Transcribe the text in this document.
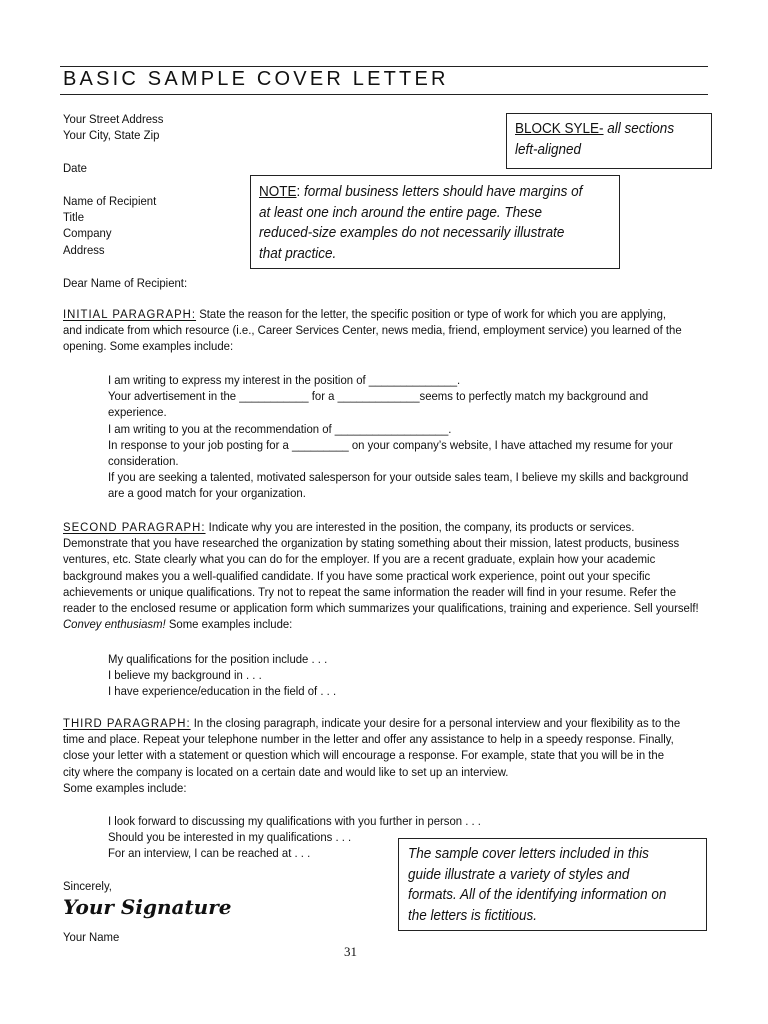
BASIC SAMPLE COVER LETTER
Your Street Address
Your City, State Zip
Date
Name of Recipient
Title
Company
Address
Dear Name of Recipient:
BLOCK SYLE- all sections
left-aligned
NOTE: formal business letters should have margins of
at least one inch around the entire page. These
reduced-size examples do not necessarily illustrate
that practice.
INITIAL PARAGRAPH: State the reason for the letter, the specific position or type of work for which you are applying,
and indicate from which resource (i.e., Career Services Center, news media, friend, employment service) you learned of the
opening. Some examples include:
I am writing to express my interest in the position of ______________.
Your advertisement in the ___________ for a _____________seems to perfectly match my background and
experience.
I am writing to you at the recommendation of __________________.
In response to your job posting for a _________ on your company’s website, I have attached my resume for your
consideration.
If you are seeking a talented, motivated salesperson for your outside sales team, I believe my skills and background
are a good match for your organization.
SECOND PARAGRAPH: Indicate why you are interested in the position, the company, its products or services.
Demonstrate that you have researched the organization by stating something about their mission, latest products, business
ventures, etc. State clearly what you can do for the employer. If you are a recent graduate, explain how your academic
background makes you a well-qualified candidate. If you have some practical work experience, point out your specific
achievements or unique qualifications. Try not to repeat the same information the reader will find in your resume. Refer the
reader to the enclosed resume or application form which summarizes your qualifications, training and experience. Sell yourself!
Convey enthusiasm! Some examples include:
My qualifications for the position include . . .
I believe my background in . . .
I have experience/education in the field of . . .
THIRD PARAGRAPH: In the closing paragraph, indicate your desire for a personal interview and your flexibility as to the
time and place. Repeat your telephone number in the letter and offer any assistance to help in a speedy response. Finally,
close your letter with a statement or question which will encourage a response. For example, state that you will be in the
city where the company is located on a certain date and would like to set up an interview.
Some examples include:
I look forward to discussing my qualifications with you further in person . . .
Should you be interested in my qualifications . . .
For an interview, I can be reached at . . .	The sample cover letters included in this
guide illustrate a variety of styles and
formats. All of the identifying information on
the letters is fictitious.
Sincerely,
Your Signature
Your Name
31
